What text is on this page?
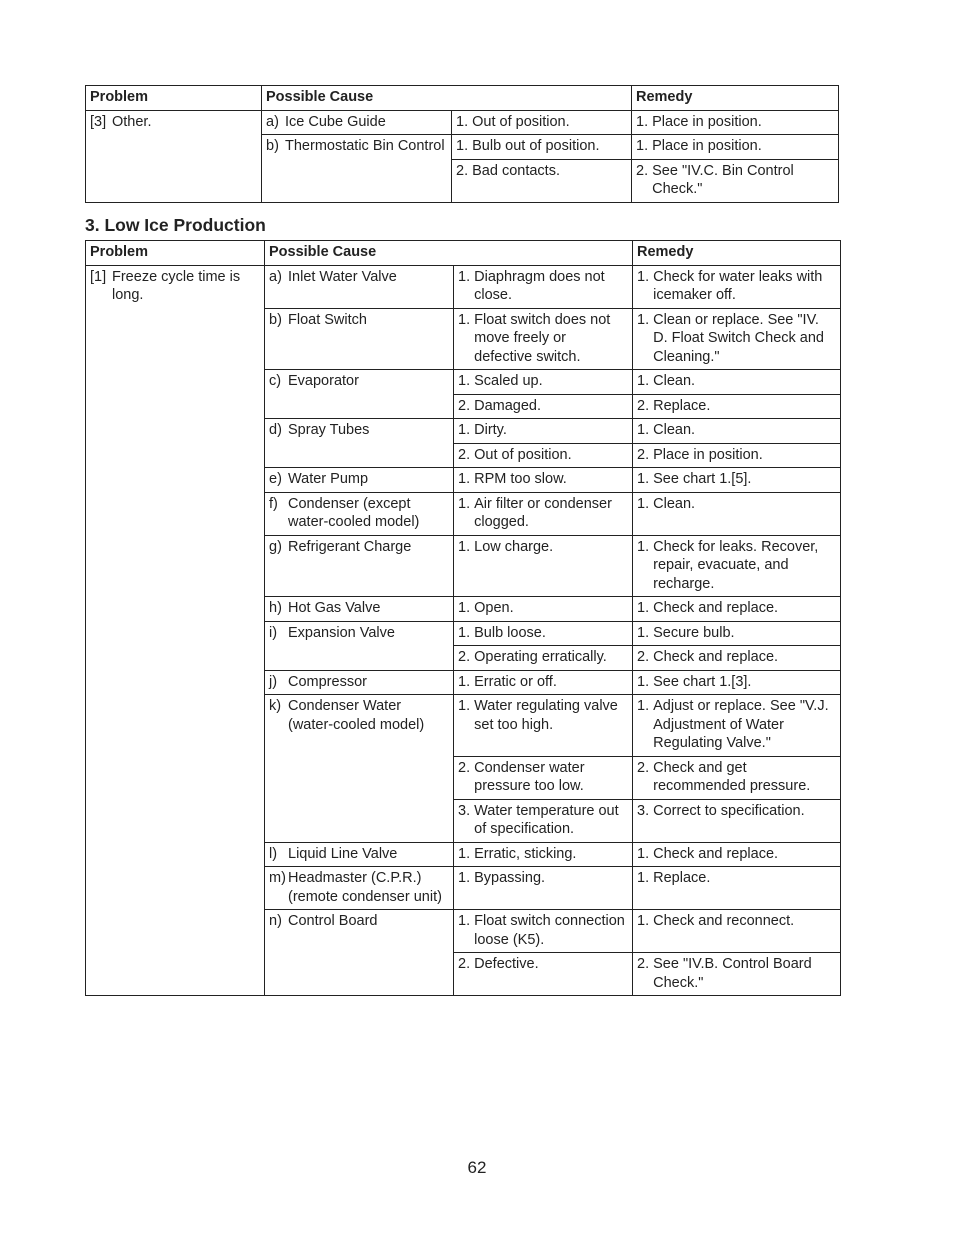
Problem	Possible Cause		Remedy

[3] Other.	a) Ice Cube Guide	1. Out of position.	1. Place in position.

	b) Thermostatic Bin Control	1. Bulb out of position.	1. Place in position.

		2. Bad contacts.	2. See "IV.C. Bin Control Check."
3. Low Ice Production
Problem	Possible Cause		Remedy

[1] Freeze cycle time is long.	a) Inlet Water Valve	1. Diaphragm does not close.	1. Check for water leaks with icemaker off.

	b) Float Switch	1. Float switch does not move freely or defective switch.	1. Clean or replace. See "IV. D. Float Switch Check and Cleaning."

	c) Evaporator	1. Scaled up.	1. Clean.

		2. Damaged.	2. Replace.

	d) Spray Tubes	1. Dirty.	1. Clean.

		2. Out of position.	2. Place in position.

	e) Water Pump	1. RPM too slow.	1. See chart 1.[5].

	f) Condenser (except water-cooled model)	1. Air filter or condenser clogged.	1. Clean.

	g) Refrigerant Charge	1. Low charge.	1. Check for leaks. Recover, repair, evacuate, and recharge.

	h) Hot Gas Valve	1. Open.	1. Check and replace.

	i) Expansion Valve	1. Bulb loose.	1. Secure bulb.

		2. Operating erratically.	2. Check and replace.

	j) Compressor	1. Erratic or off.	1. See chart 1.[3].

	k) Condenser Water (water-cooled model)	1. Water regulating valve set too high.	1. Adjust or replace. See "V.J. Adjustment of Water Regulating Valve."

		2. Condenser water pressure too low.	2. Check and get recommended pressure.

		3. Water temperature out of specification.	3. Correct to specification.

	l) Liquid Line Valve	1. Erratic, sticking.	1. Check and replace.

	m) Headmaster (C.P.R.) (remote condenser unit)	1. Bypassing.	1. Replace.

	n) Control Board	1. Float switch connection loose (K5).	1. Check and reconnect.

		2. Defective.	2. See "IV.B. Control Board Check."
62
